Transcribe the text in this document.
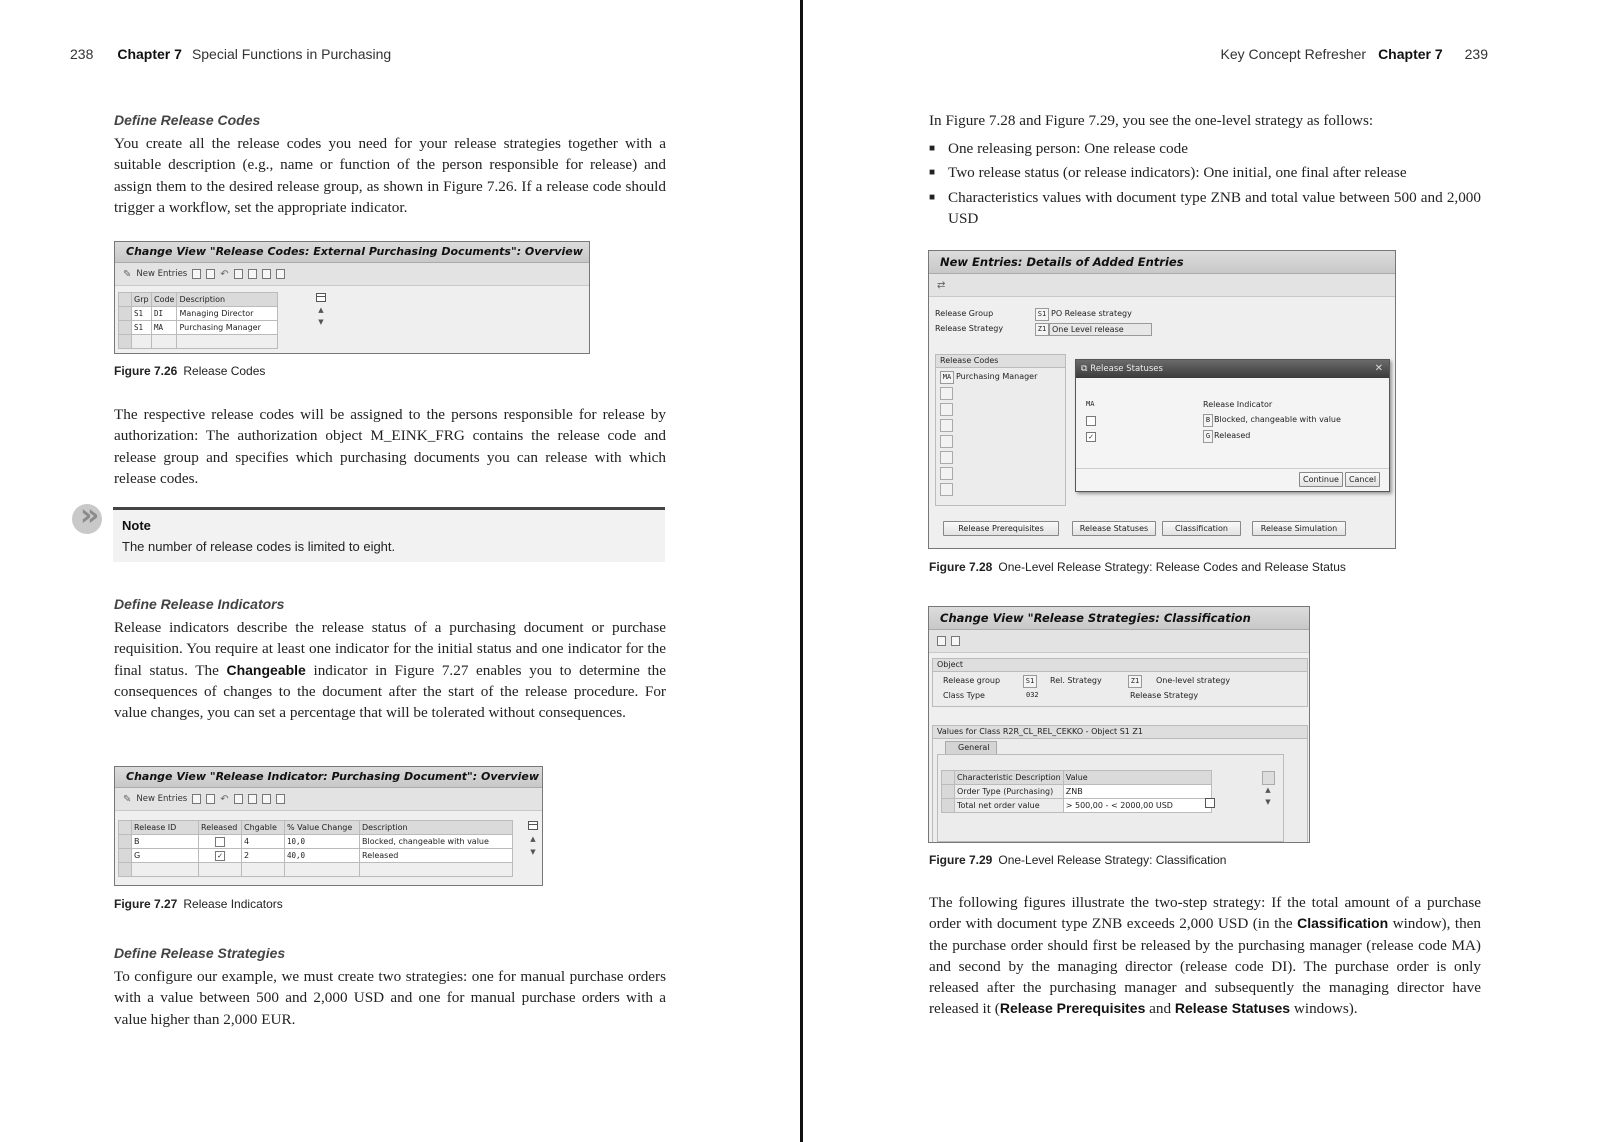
238 Chapter 7 Special Functions in Purchasing
Define Release Codes
You create all the release codes you need for your release strategies together with a suitable description (e.g., name or function of the person responsible for release) and assign them to the desired release group, as shown in Figure 7.26. If a release code should trigger a workflow, set the appropriate indicator.
Change View "Release Codes: External Purchasing Documents": Overview
✎ New Entries	↶
	Grp	Code	Description
	S1	DI	Managing Director
	S1	MA	Purchasing Manager

▲
▼
Figure 7.26 Release Codes
The respective release codes will be assigned to the persons responsible for release by authorization: The authorization object M_EINK_FRG contains the release code and release group and specifies which purchasing documents you can release with which release codes.
» Note
The number of release codes is limited to eight.
Define Release Indicators
Release indicators describe the release status of a purchasing document or purchase requisition. You require at least one indicator for the initial status and one indicator for the final status. The Changeable indicator in Figure 7.27 enables you to determine the consequences of changes to the document after the start of the release procedure. For value changes, you can set a percentage that will be tolerated without consequences.
Change View "Release Indicator: Purchasing Document": Overview
✎ New Entries	↶
	Release ID	Released	Chgable	% Value Change	Description
	B		4	10,0	Blocked, changeable with value
	G	✓	2	40,0	Released

▲
▼
Figure 7.27 Release Indicators
Define Release Strategies
To configure our example, we must create two strategies: one for manual purchase orders with a value between 500 and 2,000 USD and one for manual purchase orders with a value higher than 2,000 EUR.
Key Concept Refresher Chapter 7 239
In Figure 7.28 and Figure 7.29, you see the one-level strategy as follows:
■ One releasing person: One release code
■ Two release status (or release indicators): One initial, one final after release
■ Characteristics values with document type ZNB and total value between 500 and 2,000 USD
New Entries: Details of Added Entries
⇄
Release Group	S1 PO Release strategy
Release Strategy	Z1 One Level release
Release Codes
MA Purchasing Manager
⧉ Release Statuses	✕
MA	Release Indicator
B Blocked, changeable with value
✓	G Released
Continue	Cancel
Release Prerequisites	Release Statuses	Classification	Release Simulation
Figure 7.28 One-Level Release Strategy: Release Codes and Release Status
Change View "Release Strategies: Classification
Object
Release group	S1	Rel. Strategy	Z1	One-level strategy
Class Type	032	Release Strategy
Values for Class R2R_CL_REL_CEKKO - Object S1 Z1
General
	Characteristic Description	Value
	Order Type (Purchasing)	ZNB
	Total net order value	> 500,00 - < 2000,00 USD
▲
▼
Figure 7.29 One-Level Release Strategy: Classification
The following figures illustrate the two-step strategy: If the total amount of a purchase order with document type ZNB exceeds 2,000 USD (in the Classification window), then the purchase order should first be released by the purchasing manager (release code MA) and second by the managing director (release code DI). The purchase order is only released after the purchasing manager and subsequently the managing director have released it (Release Prerequisites and Release Statuses windows).
